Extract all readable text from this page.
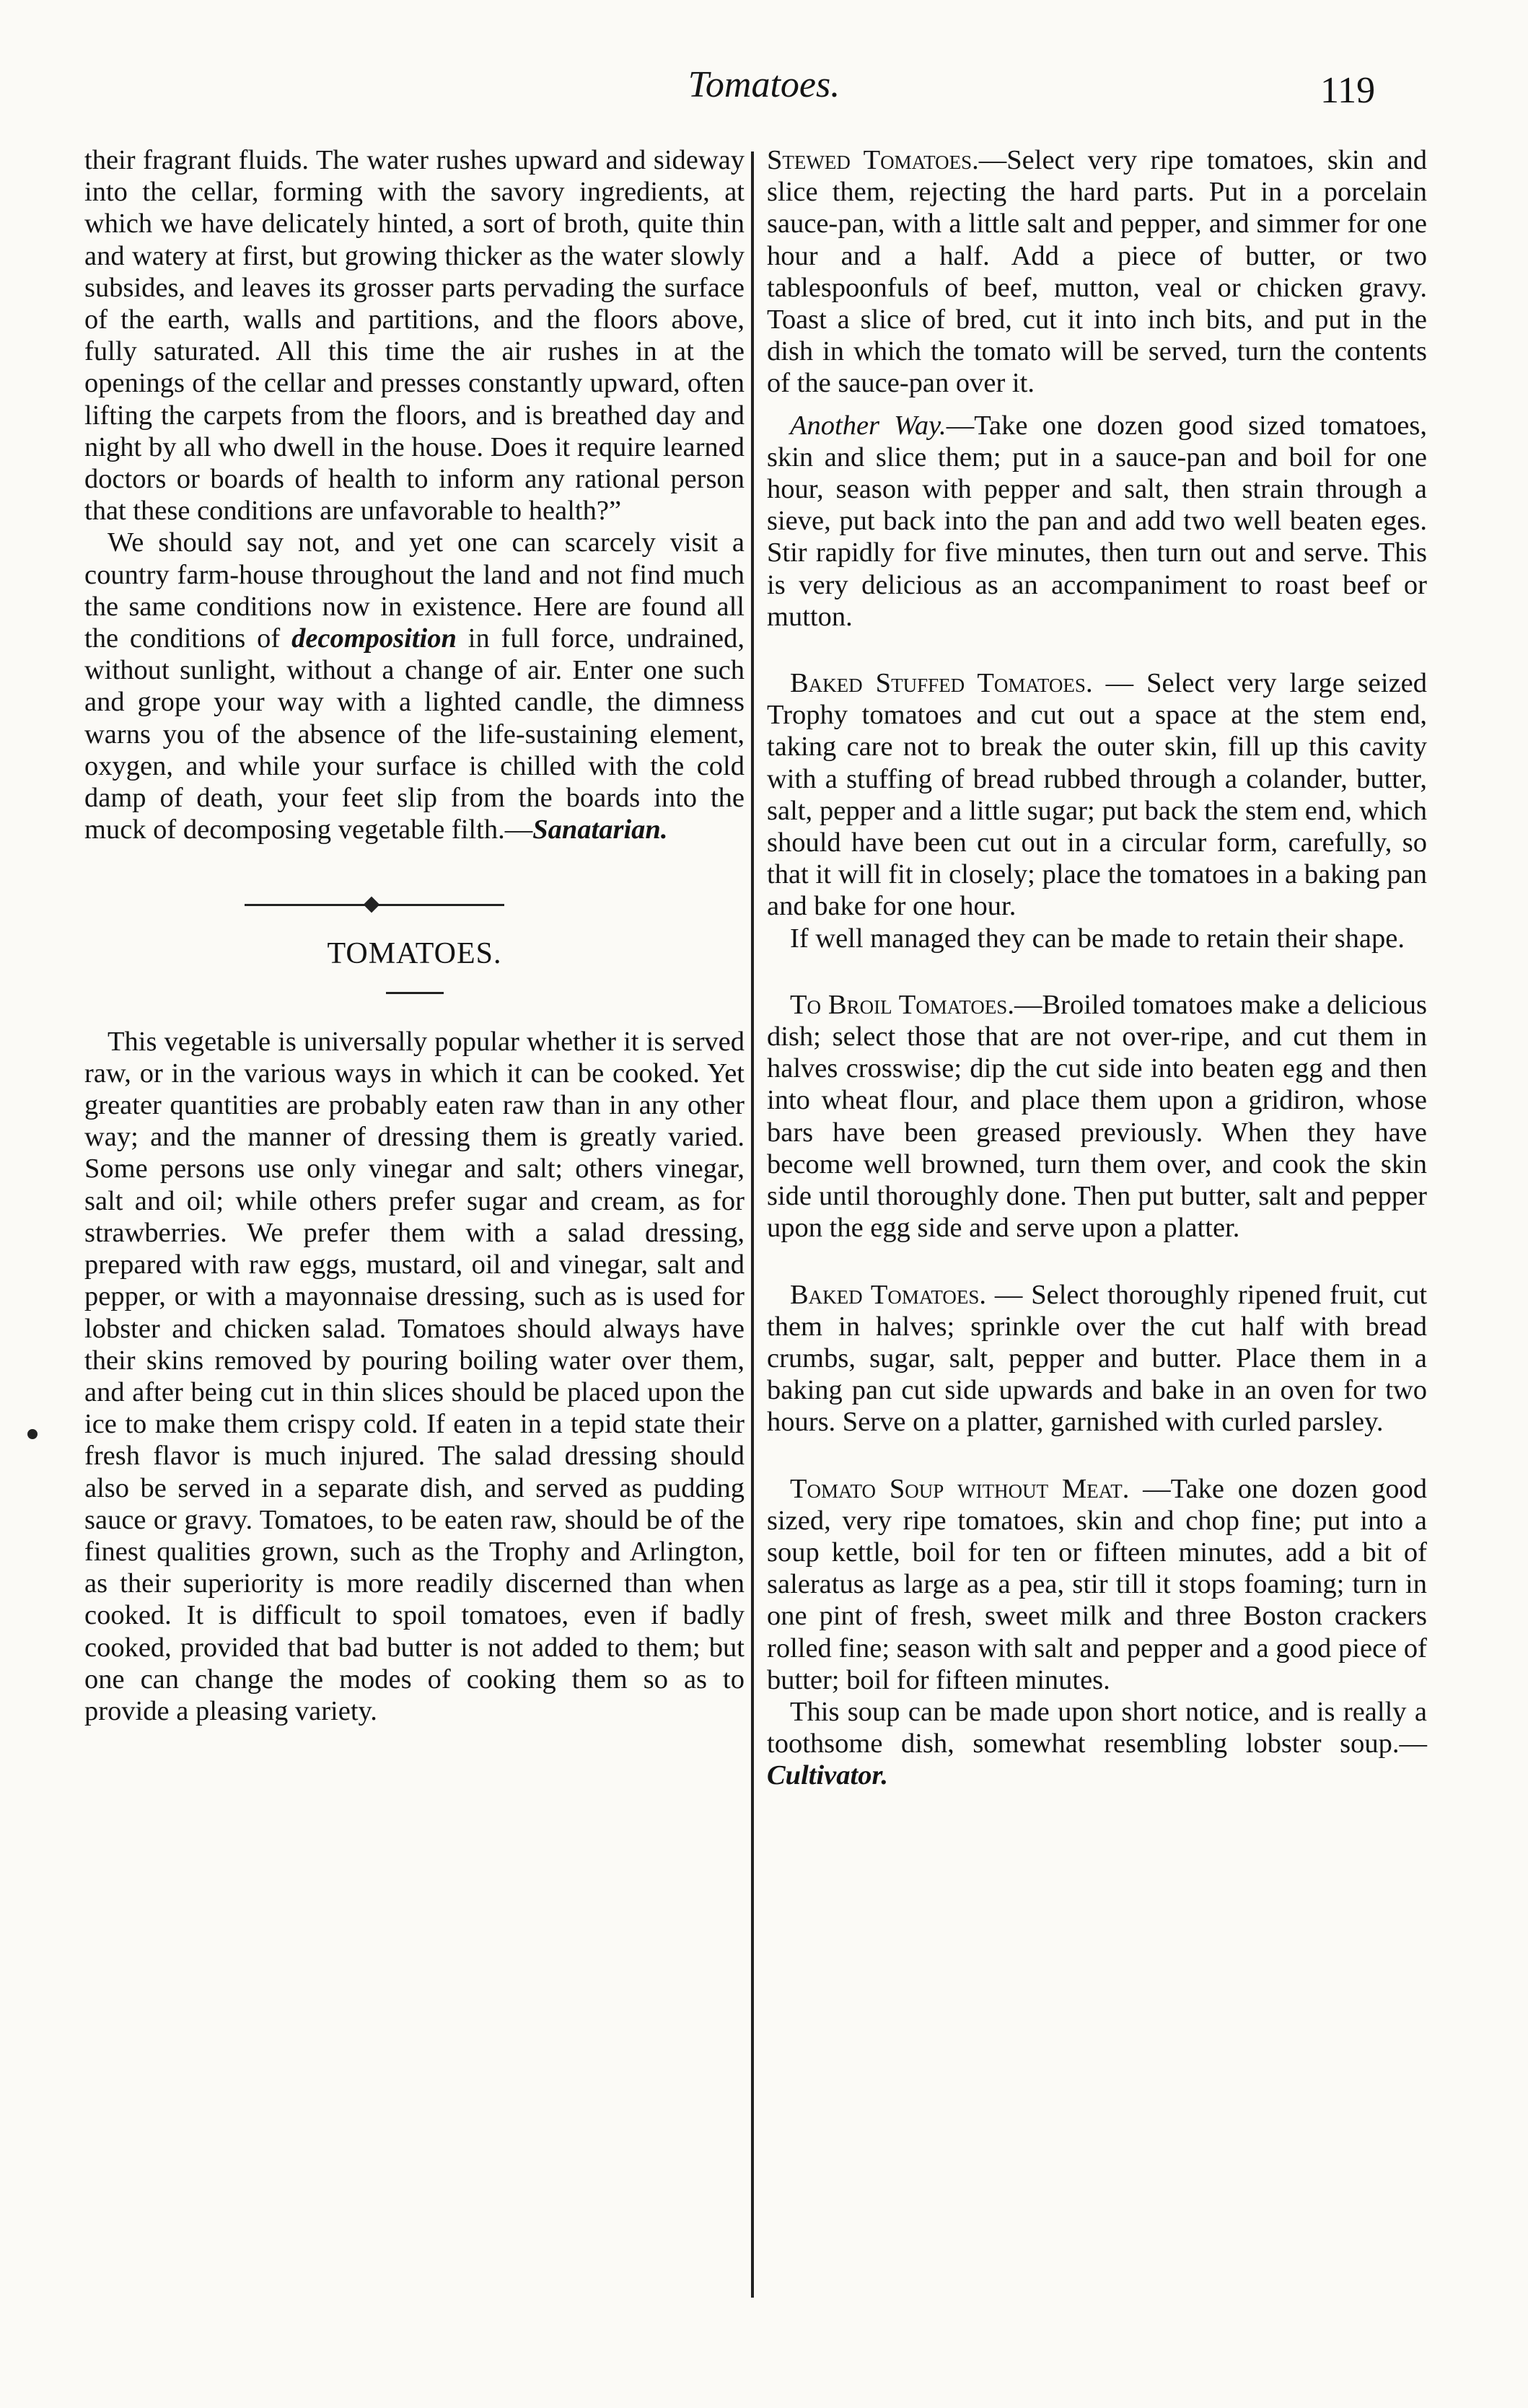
Tomatoes.	119

their fragrant fluids. The water rushes upward and sideway into the cellar, forming with the savory ingredients, at which we have delicately hinted, a sort of broth, quite thin and watery at first, but growing thicker as the water slowly subsides, and leaves its grosser parts pervading the surface of the earth, walls and partitions, and the floors above, fully saturated. All this time the air rushes in at the openings of the cellar and presses constantly upward, often lifting the carpets from the floors, and is breathed day and night by all who dwell in the house. Does it require learned doctors or boards of health to inform any rational person that these conditions are unfavorable to health?”

We should say not, and yet one can scarcely visit a country farm-house throughout the land and not find much the same conditions now in existence. Here are found all the conditions of decomposition in full force, undrained, without sunlight, without a change of air. Enter one such and grope your way with a lighted candle, the dimness warns you of the absence of the life-sustaining element, oxygen, and while your surface is chilled with the cold damp of death, your feet slip from the boards into the muck of decomposing vegetable filth.—Sanatarian.

TOMATOES.

This vegetable is universally popular whether it is served raw, or in the various ways in which it can be cooked. Yet greater quantities are probably eaten raw than in any other way; and the manner of dressing them is greatly varied. Some persons use only vinegar and salt; others vinegar, salt and oil; while others prefer sugar and cream, as for strawberries. We prefer them with a salad dressing, prepared with raw eggs, mustard, oil and vinegar, salt and pepper, or with a mayonnaise dressing, such as is used for lobster and chicken salad. Tomatoes should always have their skins removed by pouring boiling water over them, and after being cut in thin slices should be placed upon the ice to make them crispy cold. If eaten in a tepid state their fresh flavor is much injured. The salad dressing should also be served in a separate dish, and served as pudding sauce or gravy. Tomatoes, to be eaten raw, should be of the finest qualities grown, such as the Trophy and Arlington, as their superiority is more readily discerned than when cooked. It is difficult to spoil tomatoes, even if badly cooked, provided that bad butter is not added to them; but one can change the modes of cooking them so as to provide a pleasing variety.

Stewed Tomatoes.—Select very ripe tomatoes, skin and slice them, rejecting the hard parts. Put in a porcelain sauce-pan, with a little salt and pepper, and simmer for one hour and a half. Add a piece of butter, or two tablespoonfuls of beef, mutton, veal or chicken gravy. Toast a slice of bred, cut it into inch bits, and put in the dish in which the tomato will be served, turn the contents of the sauce-pan over it.

Another Way.—Take one dozen good sized tomatoes, skin and slice them; put in a sauce-pan and boil for one hour, season with pepper and salt, then strain through a sieve, put back into the pan and add two well beaten eges. Stir rapidly for five minutes, then turn out and serve. This is very delicious as an accompaniment to roast beef or mutton.

Baked Stuffed Tomatoes. — Select very large seized Trophy tomatoes and cut out a space at the stem end, taking care not to break the outer skin, fill up this cavity with a stuffing of bread rubbed through a colander, butter, salt, pepper and a little sugar; put back the stem end, which should have been cut out in a circular form, carefully, so that it will fit in closely; place the tomatoes in a baking pan and bake for one hour.

If well managed they can be made to retain their shape.

To Broil Tomatoes.—Broiled tomatoes make a delicious dish; select those that are not over-ripe, and cut them in halves crosswise; dip the cut side into beaten egg and then into wheat flour, and place them upon a gridiron, whose bars have been greased previously. When they have become well browned, turn them over, and cook the skin side until thoroughly done. Then put butter, salt and pepper upon the egg side and serve upon a platter.

Baked Tomatoes. — Select thoroughly ripened fruit, cut them in halves; sprinkle over the cut half with bread crumbs, sugar, salt, pepper and butter. Place them in a baking pan cut side upwards and bake in an oven for two hours. Serve on a platter, garnished with curled parsley.

Tomato Soup without Meat. —Take one dozen good sized, very ripe tomatoes, skin and chop fine; put into a soup kettle, boil for ten or fifteen minutes, add a bit of saleratus as large as a pea, stir till it stops foaming; turn in one pint of fresh, sweet milk and three Boston crackers rolled fine; season with salt and pepper and a good piece of butter; boil for fifteen minutes.

This soup can be made upon short notice, and is really a toothsome dish, somewhat resembling lobster soup.—Cultivator.
